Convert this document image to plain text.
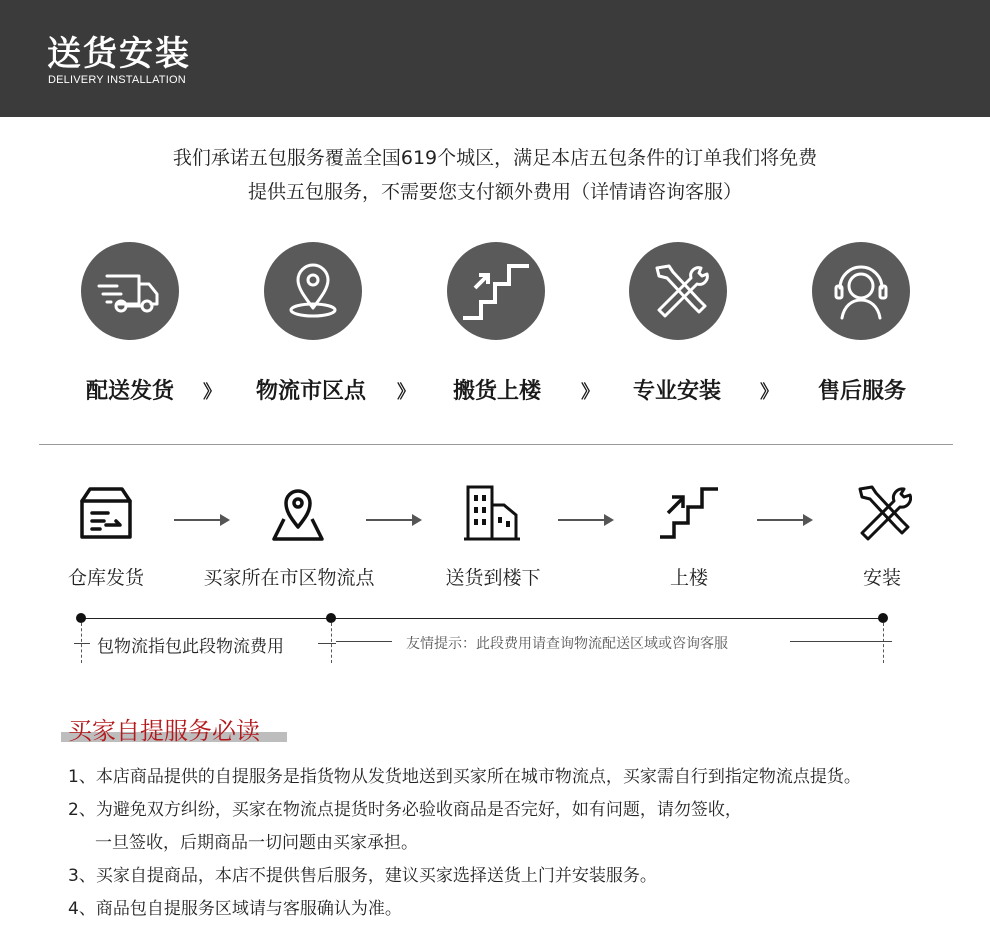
送货安装
DELIVERY INSTALLATION
我们承诺五包服务覆盖全国619个城区，满足本店五包条件的订单我们将免费
提供五包服务，不需要您支付额外费用（详情请咨询客服）
配送发货 》 物流市区点 》 搬货上楼 》 专业安装 》 售后服务
仓库发货	买家所在市区物流点	送货到楼下	上楼	安装
包物流指包此段物流费用	友情提示：此段费用请查询物流配送区域或咨询客服
买家自提服务必读
1、本店商品提供的自提服务是指货物从发货地送到买家所在城市物流点，买家需自行到指定物流点提货。
2、为避免双方纠纷，买家在物流点提货时务必验收商品是否完好，如有问题，请勿签收，
一旦签收，后期商品一切问题由买家承担。
3、买家自提商品，本店不提供售后服务，建议买家选择送货上门并安装服务。
4、商品包自提服务区域请与客服确认为准。
